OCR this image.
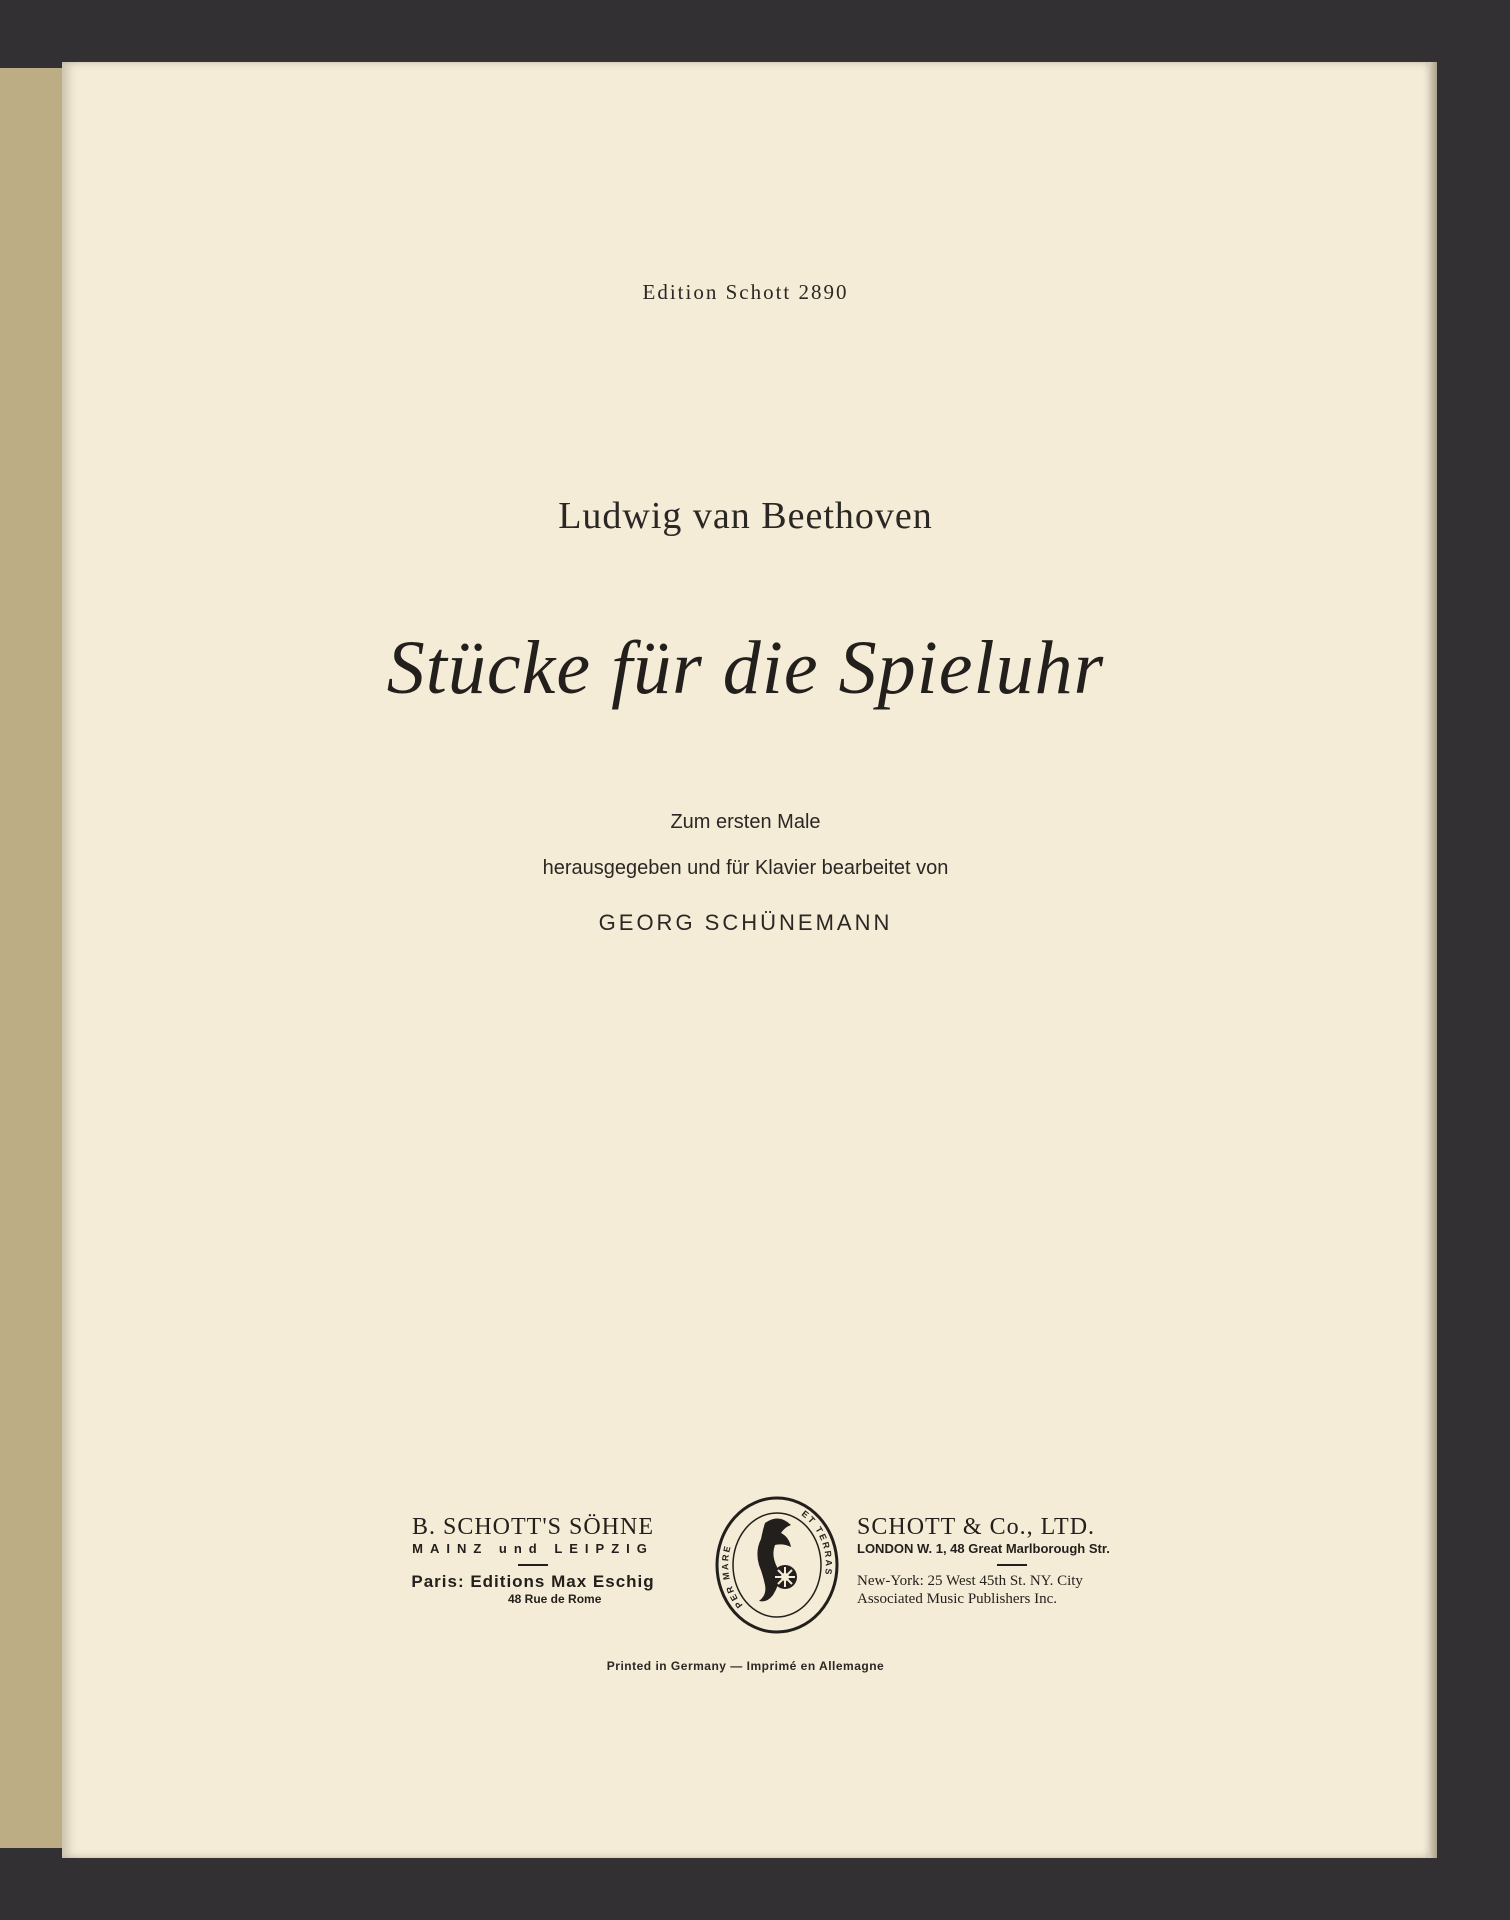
Edition Schott 2890
Ludwig van Beethoven
Stücke für die Spieluhr
Zum ersten Male
herausgegeben und für Klavier bearbeitet von
GEORG SCHÜNEMANN
B. SCHOTT'S SÖHNE
MAINZ und LEIPZIG
Paris: Editions Max Eschig
48 Rue de Rome	PER MARE
ET TERRAS
SCHOTT & Co., LTD.
LONDON W. 1, 48 Great Marlborough Str.
New-York: 25 West 45th St. NY. City
Associated Music Publishers Inc.
Printed in Germany — Imprimé en Allemagne
